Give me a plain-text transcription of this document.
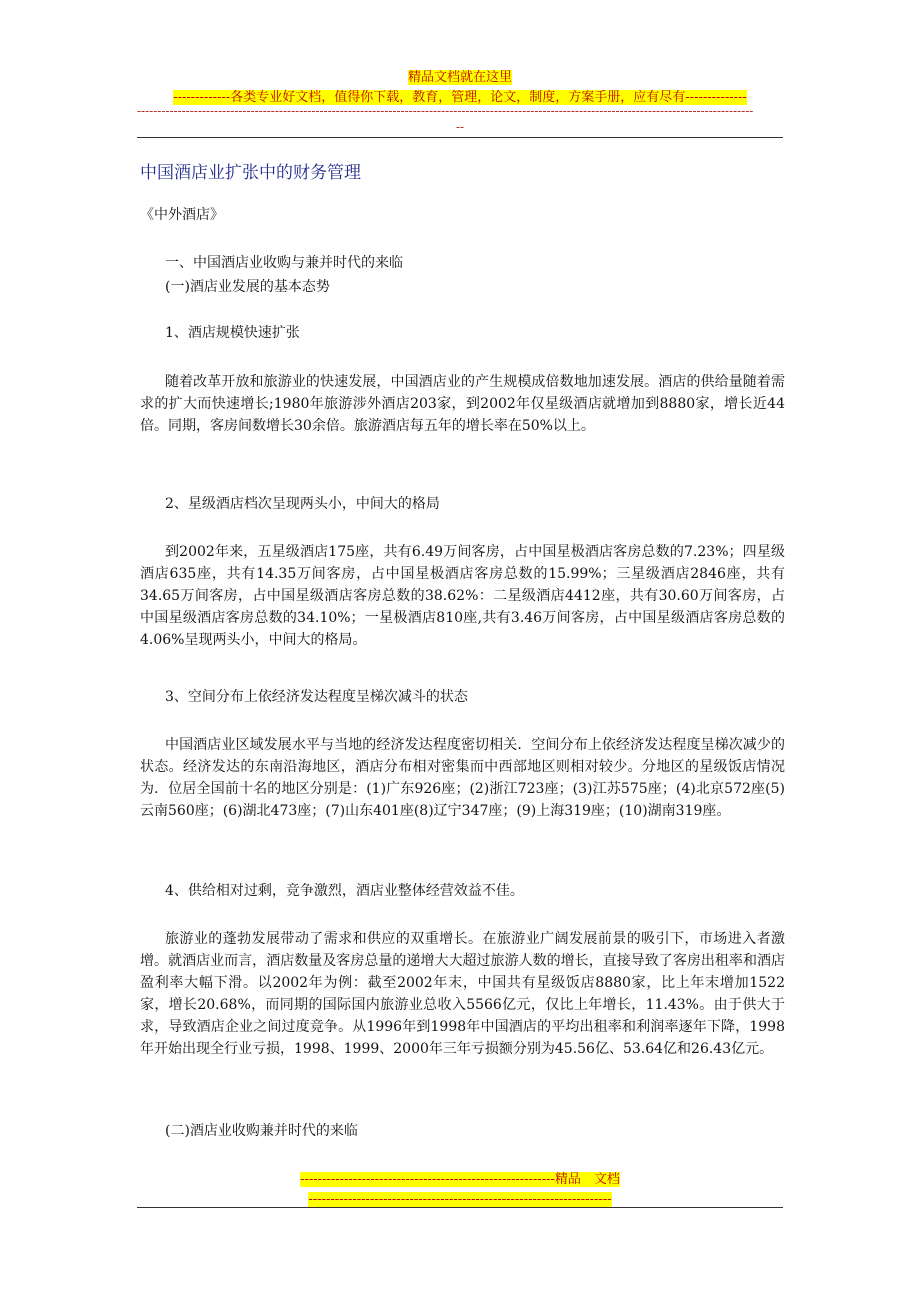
精品文档就在这里
-------------各类专业好文档，值得你下载，教育，管理，论文，制度，方案手册，应有尽有--------------
--------------------------------------------------------------------------------------------------------------------------------------------------------
--
中国酒店业扩张中的财务管理
《中外酒店》
一、中国酒店业收购与兼并时代的来临
(一)酒店业发展的基本态势
1、酒店规模快速扩张
随着改革开放和旅游业的快速发展，中国酒店业的产生规模成倍数地加速发展。酒店的供给量随着需求的扩大而快速增长;1980年旅游涉外酒店203家，到2002年仅星级酒店就增加到8880家，增长近44倍。同期，客房间数增长30余倍。旅游酒店每五年的增长率在50%以上。
2、星级酒店档次呈现两头小，中间大的格局
到2002年来，五星级酒店175座，共有6.49万间客房，占中国星极酒店客房总数的7.23%；四星级酒店635座，共有14.35万间客房，占中国星极酒店客房总数的15.99%；三星级酒店2846座，共有34.65万间客房，占中国星级酒店客房总数的38.62%：二星级酒店4412座，共有30.60万间客房，占中国星级酒店客房总数的34.10%；一星极酒店810座,共有3.46万间客房，占中国星级酒店客房总数的4.06%呈现两头小，中间大的格局。
3、空间分布上依经济发达程度呈梯次减斗的状态
中国酒店业区域发展水平与当地的经济发达程度密切相关．空间分布上依经济发达程度呈梯次减少的状态。经济发达的东南沿海地区，酒店分布相对密集而中西部地区则相对较少。分地区的星级饭店情况为．位居全国前十名的地区分别是：(1)广东926座；(2)浙江723座；(3)江苏575座；(4)北京572座(5)云南560座；(6)湖北473座；(7)山东401座(8)辽宁347座；(9)上海319座；(10)湖南319座。
4、供给相对过剩，竞争激烈，酒店业整体经营效益不佳。
旅游业的蓬勃发展带动了需求和供应的双重增长。在旅游业广阔发展前景的吸引下，市场进入者激增。就酒店业而言，酒店数量及客房总量的递增大大超过旅游人数的增长，直接导致了客房出租率和酒店盈利率大幅下滑。以2002年为例：截至2002年末，中国共有星级饭店8880家，比上年末增加1522家，增长20.68%，而同期的国际国内旅游业总收入5566亿元，仅比上年增长，11.43%。由于供大于求，导致酒店企业之间过度竞争。从1996年到1998年中国酒店的平均出租率和利润率逐年下降，1998年开始出现全行业亏损，1998、1999、2000年三年亏损额分别为45.56亿、53.64亿和26.43亿元。
(二)酒店业收购兼并时代的来临
----------------------------------------------------------精品　文档
---------------------------------------------------------------------
